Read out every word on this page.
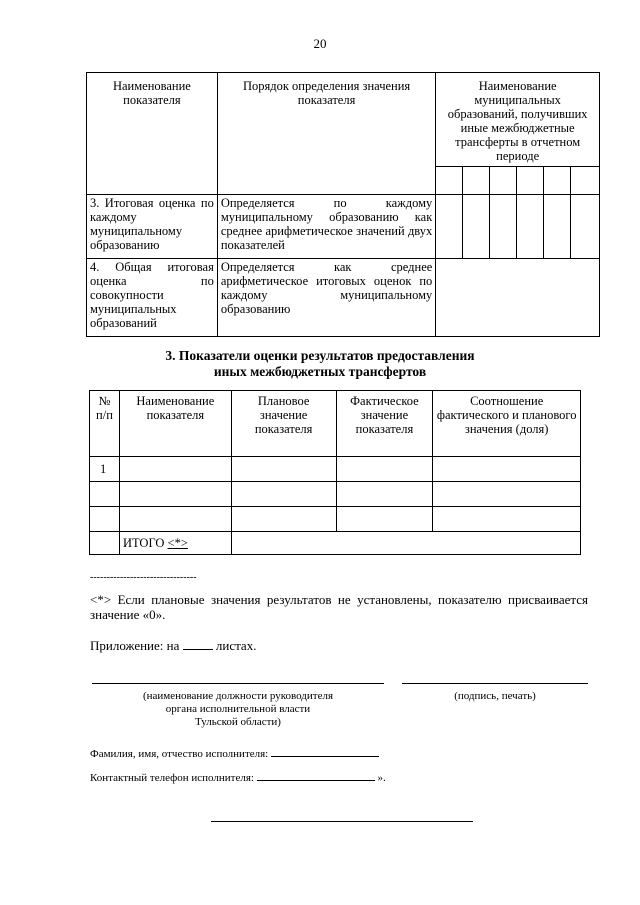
20
Наименование показателя	Порядок определения значения показателя	Наименование муниципальных образований, получивших иные межбюджетные трансферты в отчетном периоде					

3. Итоговая оценка по каждому муниципальному образованию	Определяется по каждому муниципальному образованию как среднее арифметическое значений двух показателей						
4. Общая итоговая оценка по совокупности муниципальных образований	Определяется как среднее арифметическое итоговых оценок по каждому муниципальному образованию						
3. Показатели оценки результатов предоставления
иных межбюджетных трансфертов
№ п/п	Наименование показателя	Плановое значение показателя	Фактическое значение показателя	Соотношение фактического и планового значения (доля)
1				

	ИТОГО <*>			
--------------------------------
<*> Если плановые значения результатов не установлены, показателю присваивается значение «0».
Приложение: на	листах.
(наименование должности руководителя
органа исполнительной власти
Тульской области)
(подпись, печать)
Фамилия, имя, отчество исполнителя:
Контактный телефон исполнителя:	».
